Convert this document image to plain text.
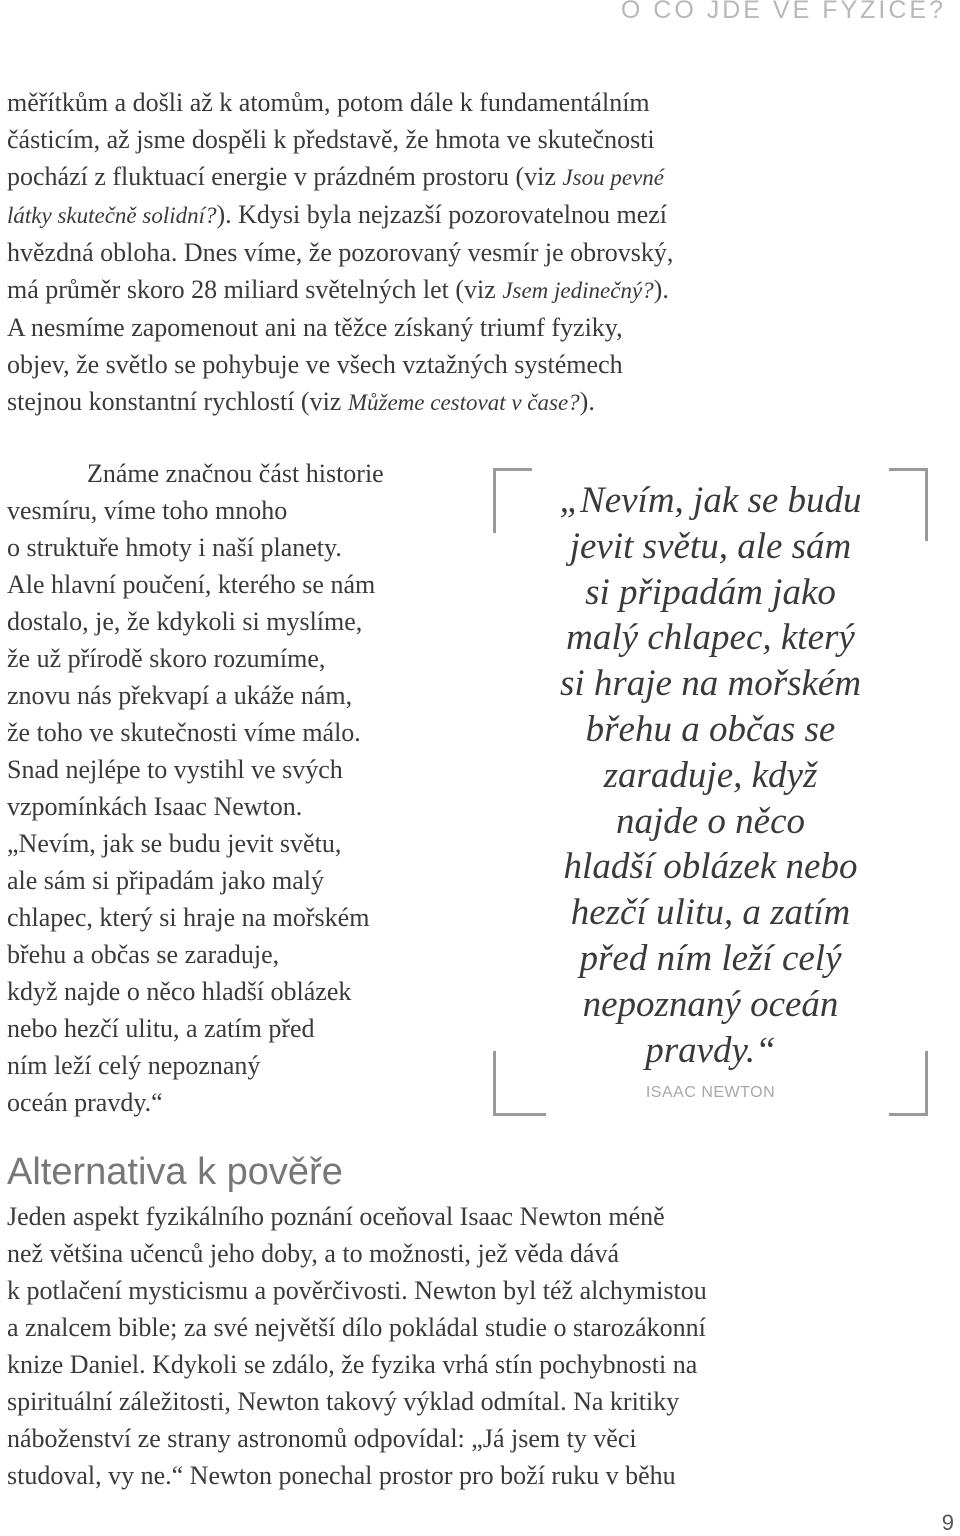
O CO JDE VE FYZICE?

měřítkům a došli až k atomům, potom dále k fundamentálním

částicím, až jsme dospěli k představě, že hmota ve skutečnosti

pochází z fluktuací energie v prázdném prostoru (viz Jsou pevné

látky skutečně solidní?). Kdysi byla nejzazší pozorovatelnou mezí

hvězdná obloha. Dnes víme, že pozorovaný vesmír je obrovský,

má průměr skoro 28 miliard světelných let (viz Jsem jedinečný?).

A nesmíme zapomenout ani na těžce získaný triumf fyziky,

objev, že světlo se pohybuje ve všech vztažných systémech

stejnou konstantní rychlostí (viz Můžeme cestovat v čase?).

Známe značnou část historie

vesmíru, víme toho mnoho

o struktuře hmoty i naší planety.

Ale hlavní poučení, kterého se nám

dostalo, je, že kdykoli si myslíme,

že už přírodě skoro rozumíme,

znovu nás překvapí a ukáže nám,

že toho ve skutečnosti víme málo.

Snad nejlépe to vystihl ve svých

vzpomínkách Isaac Newton.

„Nevím, jak se budu jevit světu,

ale sám si připadám jako malý

chlapec, který si hraje na mořském

břehu a občas se zaraduje,

když najde o něco hladší oblázek

nebo hezčí ulitu, a zatím před

ním leží celý nepoznaný

oceán pravdy.“

„Nevím, jak se budu

jevit světu, ale sám

si připadám jako

malý chlapec, který

si hraje na mořském

břehu a občas se

zaraduje, když

najde o něco

hladší oblázek nebo

hezčí ulitu, a zatím

před ním leží celý

nepoznaný oceán

pravdy.“

ISAAC NEWTON
Alternativa k pověře

Jeden aspekt fyzikálního poznání oceňoval Isaac Newton méně

než většina učenců jeho doby, a to možnosti, jež věda dává

k potlačení mysticismu a pověrčivosti. Newton byl též alchymistou

a znalcem bible; za své největší dílo pokládal studie o starozákonní

knize Daniel. Kdykoli se zdálo, že fyzika vrhá stín pochybnosti na

spirituální záležitosti, Newton takový výklad odmítal. Na kritiky

náboženství ze strany astronomů odpovídal: „Já jsem ty věci

studoval, vy ne.“ Newton ponechal prostor pro boží ruku v běhu

9
